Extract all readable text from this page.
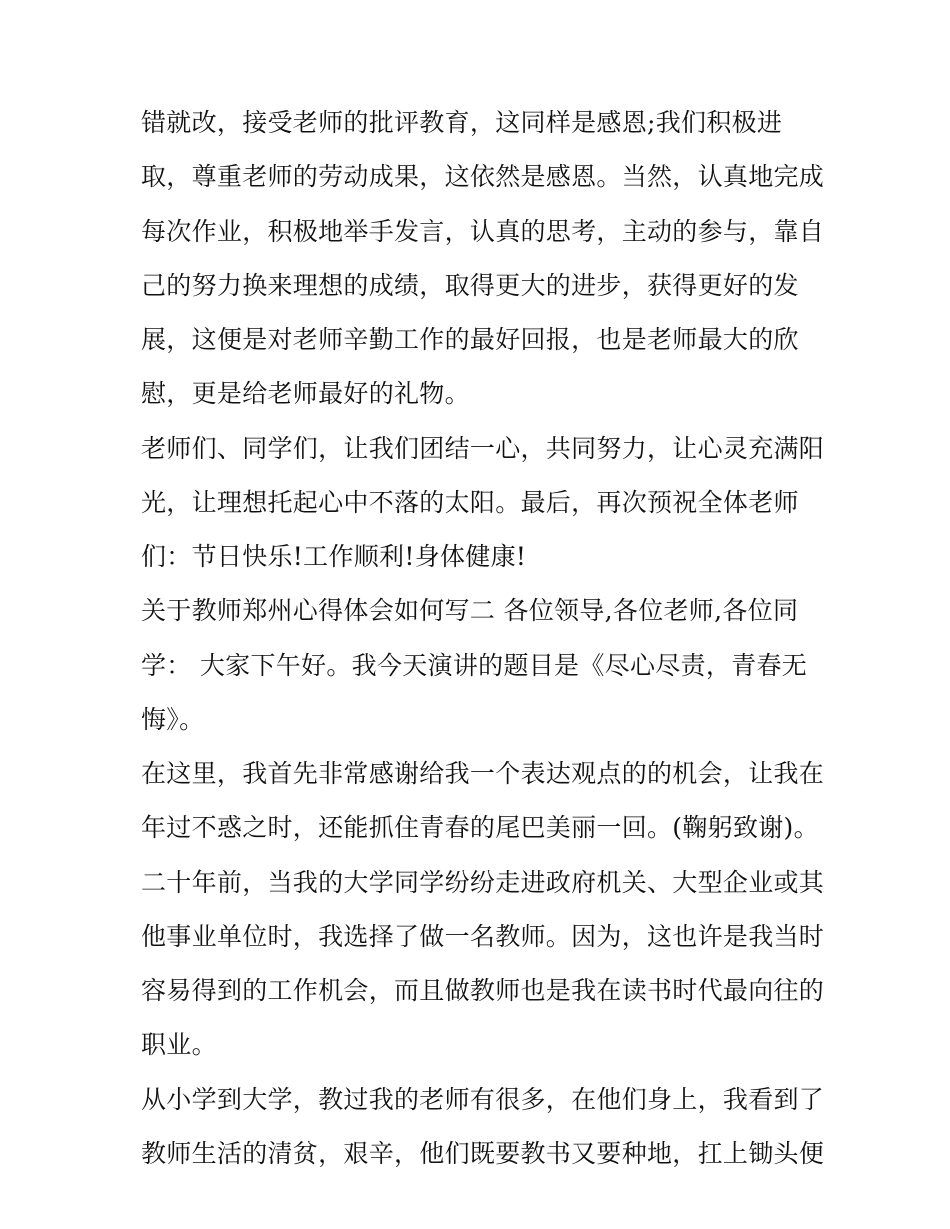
错就改，接受老师的批评教育，这同样是感恩;我们积极进
取，尊重老师的劳动成果，这依然是感恩。当然，认真地完成
每次作业，积极地举手发言，认真的思考，主动的参与，靠自
己的努力换来理想的成绩，取得更大的进步，获得更好的发
展，这便是对老师辛勤工作的最好回报，也是老师最大的欣
慰，更是给老师最好的礼物。
老师们、同学们，让我们团结一心，共同努力，让心灵充满阳
光，让理想托起心中不落的太阳。最后，再次预祝全体老师
们：节日快乐!工作顺利!身体健康!
关于教师郑州心得体会如何写二 各位领导,各位老师,各位同
学： 大家下午好。我今天演讲的题目是《尽心尽责，青春无
悔》。
在这里，我首先非常感谢给我一个表达观点的的机会，让我在
年过不惑之时，还能抓住青春的尾巴美丽一回。(鞠躬致谢)。
二十年前，当我的大学同学纷纷走进政府机关、大型企业或其
他事业单位时，我选择了做一名教师。因为，这也许是我当时
容易得到的工作机会，而且做教师也是我在读书时代最向往的
职业。
从小学到大学，教过我的老师有很多，在他们身上，我看到了
教师生活的清贫，艰辛，他们既要教书又要种地，扛上锄头便
